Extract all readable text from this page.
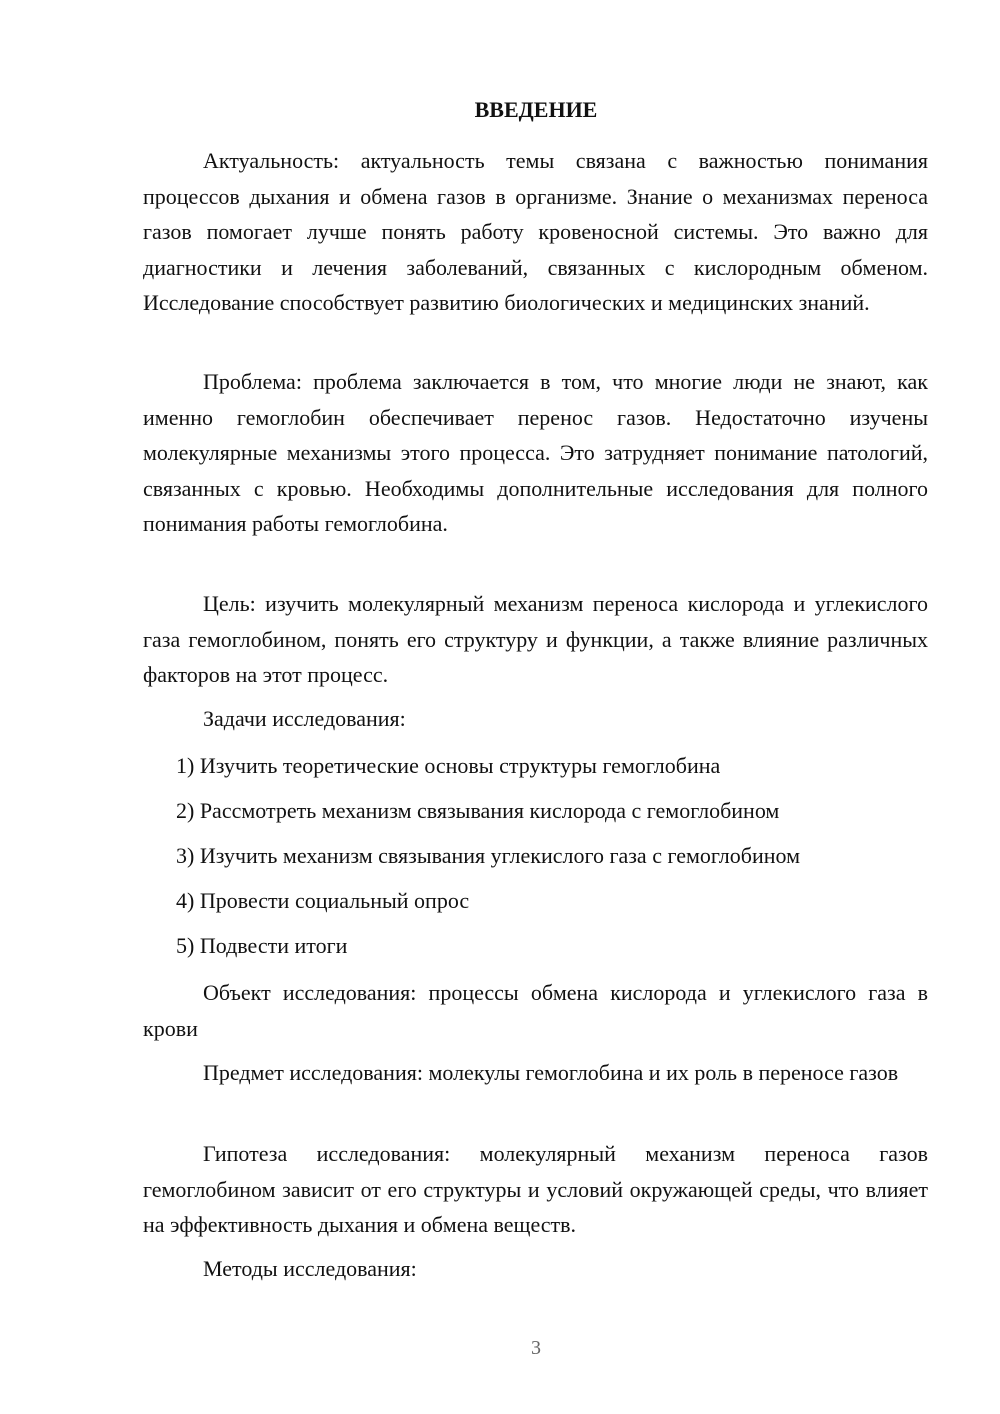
ВВЕДЕНИЕ

Актуальность: актуальность темы связана с важностью понимания процессов дыхания и обмена газов в организме. Знание о механизмах переноса газов помогает лучше понять работу кровеносной системы. Это важно для диагностики и лечения заболеваний, связанных с кислородным обменом. Исследование способствует развитию биологических и медицинских знаний.

Проблема: проблема заключается в том, что многие люди не знают, как именно гемоглобин обеспечивает перенос газов. Недостаточно изучены молекулярные механизмы этого процесса. Это затрудняет понимание патологий, связанных с кровью. Необходимы дополнительные исследования для полного понимания работы гемоглобина.

Цель: изучить молекулярный механизм переноса кислорода и углекислого газа гемоглобином, понять его структуру и функции, а также влияние различных факторов на этот процесс.

Задачи исследования:

1) Изучить теоретические основы структуры гемоглобина
2) Рассмотреть механизм связывания кислорода с гемоглобином
3) Изучить механизм связывания углекислого газа с гемоглобином
4) Провести социальный опрос
5) Подвести итоги

Объект исследования: процессы обмена кислорода и углекислого газа в крови

Предмет исследования: молекулы гемоглобина и их роль в переносе газов

Гипотеза исследования: молекулярный механизм переноса газов гемоглобином зависит от его структуры и условий окружающей среды, что влияет на эффективность дыхания и обмена веществ.

Методы исследования:

3
